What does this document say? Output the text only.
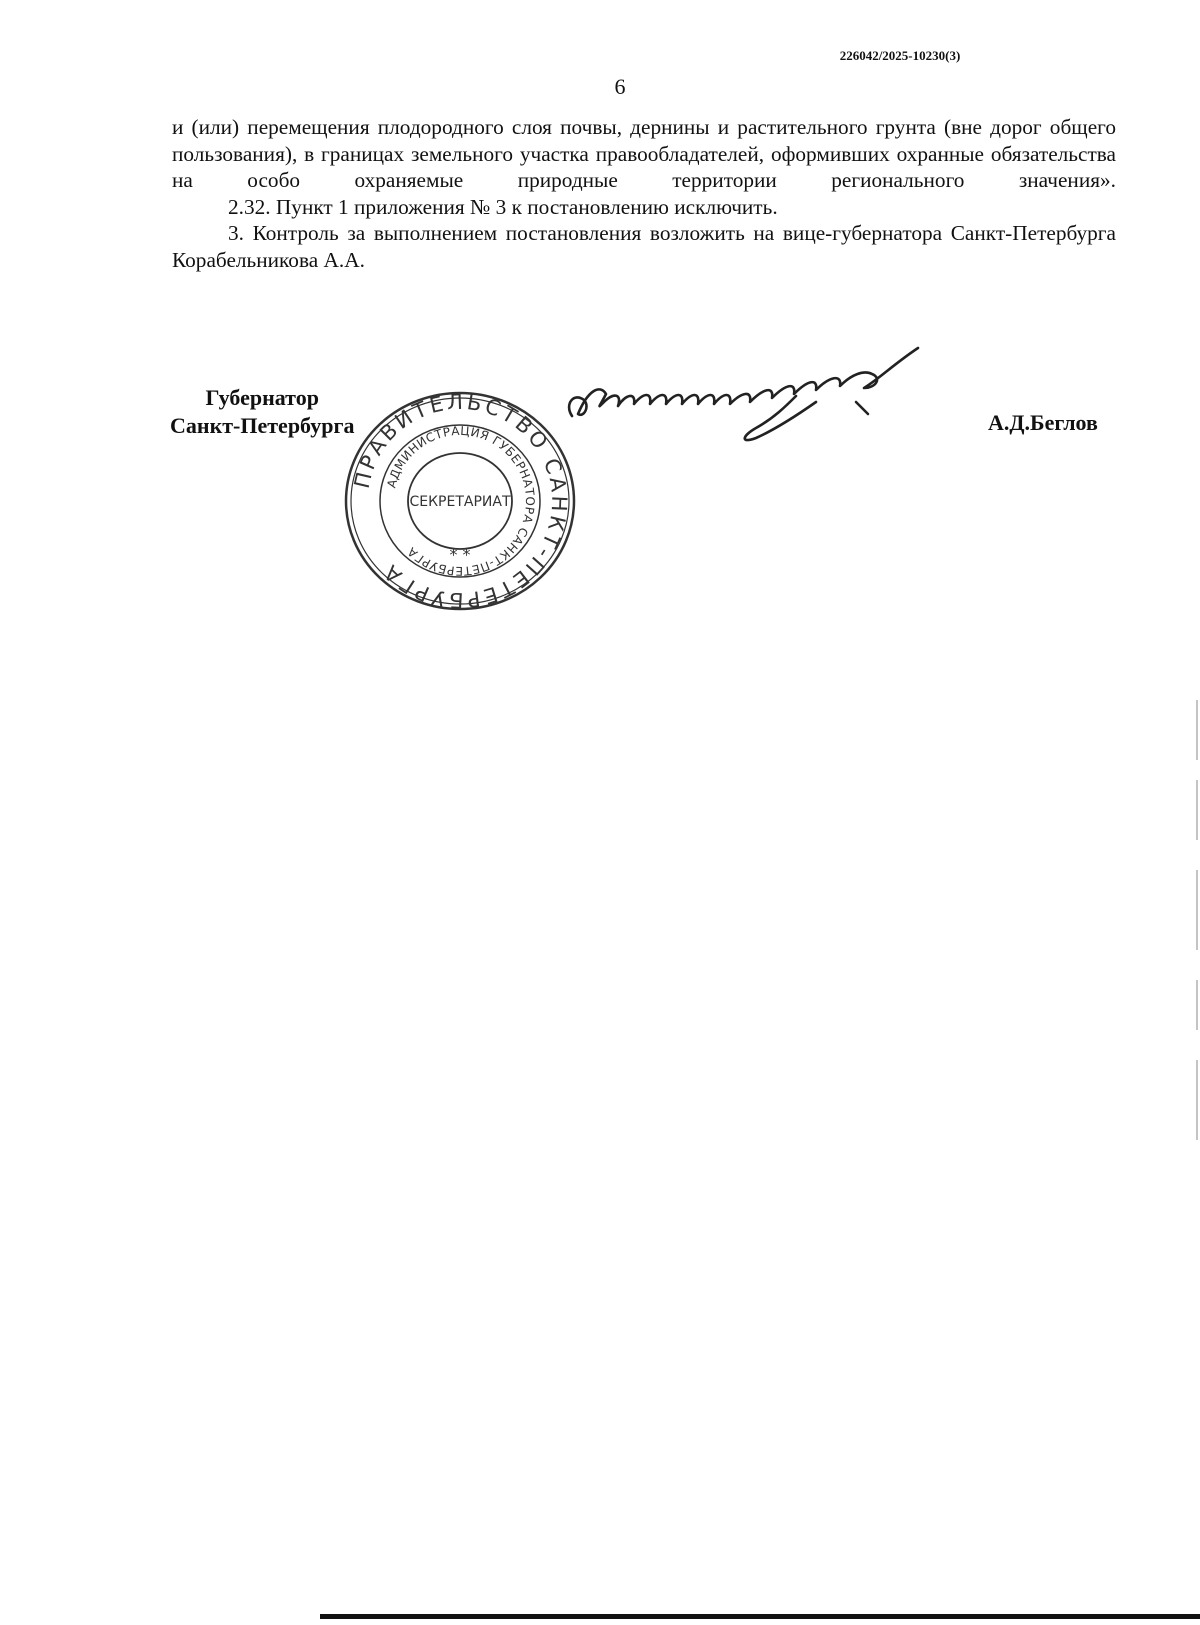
226042/2025-10230(3)
6

и (или) перемещения плодородного слоя почвы, дернины и растительного грунта (вне дорог общего пользования), в границах земельного участка правообладателей, оформивших охранные обязательства на особо охраняемые природные территории регионального значения».

2.32. Пункт 1 приложения № 3 к постановлению исключить.

3. Контроль за выполнением постановления возложить на вице-губернатора Санкт-Петербурга Корабельникова А.А.

Губернатор
Санкт-Петербурга
ПРАВИТЕЛЬСТВО САНКТ-ПЕТЕРБУРГА
АДМИНИСТРАЦИЯ ГУБЕРНАТОРА САНКТ-ПЕТЕРБУРГА
СЕКРЕТАРИАТ
* *
А.Д.Беглов
